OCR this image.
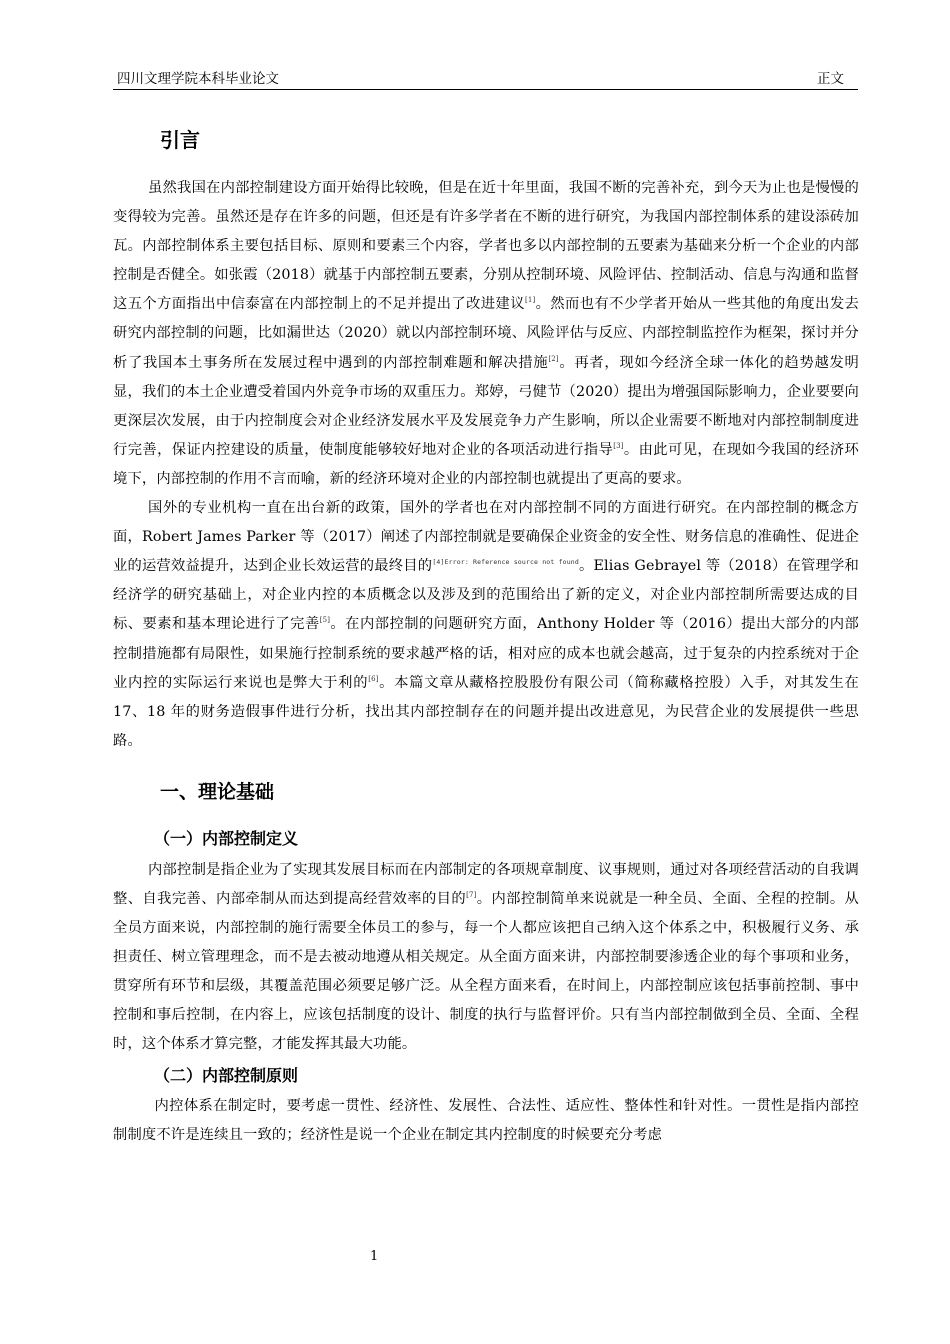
四川文理学院本科毕业论文	正文
引言

虽然我国在内部控制建设方面开始得比较晚，但是在近十年里面，我国不断的完善补充，到今天为止也是慢慢的变得较为完善。虽然还是存在许多的问题，但还是有许多学者在不断的进行研究，为我国内部控制体系的建设添砖加瓦。内部控制体系主要包括目标、原则和要素三个内容，学者也多以内部控制的五要素为基础来分析一个企业的内部控制是否健全。如张霞（2018）就基于内部控制五要素，分别从控制环境、风险评估、控制活动、信息与沟通和监督这五个方面指出中信泰富在内部控制上的不足并提出了改进建议[1]。然而也有不少学者开始从一些其他的角度出发去研究内部控制的问题，比如漏世达（2020）就以内部控制环境、风险评估与反应、内部控制监控作为框架，探讨并分析了我国本土事务所在发展过程中遇到的内部控制难题和解决措施[2]。再者，现如今经济全球一体化的趋势越发明显，我们的本土企业遭受着国内外竞争市场的双重压力。郑婷，弓健节（2020）提出为增强国际影响力，企业要要向更深层次发展，由于内控制度会对企业经济发展水平及发展竞争力产生影响，所以企业需要不断地对内部控制制度进行完善，保证内控建设的质量，使制度能够较好地对企业的各项活动进行指导[3]。由此可见，在现如今我国的经济环境下，内部控制的作用不言而喻，新的经济环境对企业的内部控制也就提出了更高的要求。

国外的专业机构一直在出台新的政策，国外的学者也在对内部控制不同的方面进行研究。在内部控制的概念方面，Robert James Parker 等（2017）阐述了内部控制就是要确保企业资金的安全性、财务信息的准确性、促进企业的运营效益提升，达到企业长效运营的最终目的$^{[4]Error: Reference source not found}$。Elias Gebrayel 等（2018）在管理学和经济学的研究基础上，对企业内控的本质概念以及涉及到的范围给出了新的定义，对企业内部控制所需要达成的目标、要素和基本理论进行了完善[5]。在内部控制的问题研究方面，Anthony Holder 等（2016）提出大部分的内部控制措施都有局限性，如果施行控制系统的要求越严格的话，相对应的成本也就会越高，过于复杂的内控系统对于企业内控的实际运行来说也是弊大于利的[6]。本篇文章从藏格控股股份有限公司（简称藏格控股）入手，对其发生在 17、18 年的财务造假事件进行分析，找出其内部控制存在的问题并提出改进意见，为民营企业的发展提供一些思路。

一、理论基础
（一）内部控制定义

内部控制是指企业为了实现其发展目标而在内部制定的各项规章制度、议事规则，通过对各项经营活动的自我调整、自我完善、内部牵制从而达到提高经营效率的目的[7]。内部控制简单来说就是一种全员、全面、全程的控制。从全员方面来说，内部控制的施行需要全体员工的参与，每一个人都应该把自己纳入这个体系之中，积极履行义务、承担责任、树立管理理念，而不是去被动地遵从相关规定。从全面方面来讲，内部控制要渗透企业的每个事项和业务，贯穿所有环节和层级，其覆盖范围必须要足够广泛。从全程方面来看，在时间上，内部控制应该包括事前控制、事中控制和事后控制，在内容上，应该包括制度的设计、制度的执行与监督评价。只有当内部控制做到全员、全面、全程时，这个体系才算完整，才能发挥其最大功能。

（二）内部控制原则

内控体系在制定时，要考虑一贯性、经济性、发展性、合法性、适应性、整体性和针对性。一贯性是指内部控制制度不许是连续且一致的；经济性是说一个企业在制定其内控制度的时候要充分考虑

1
